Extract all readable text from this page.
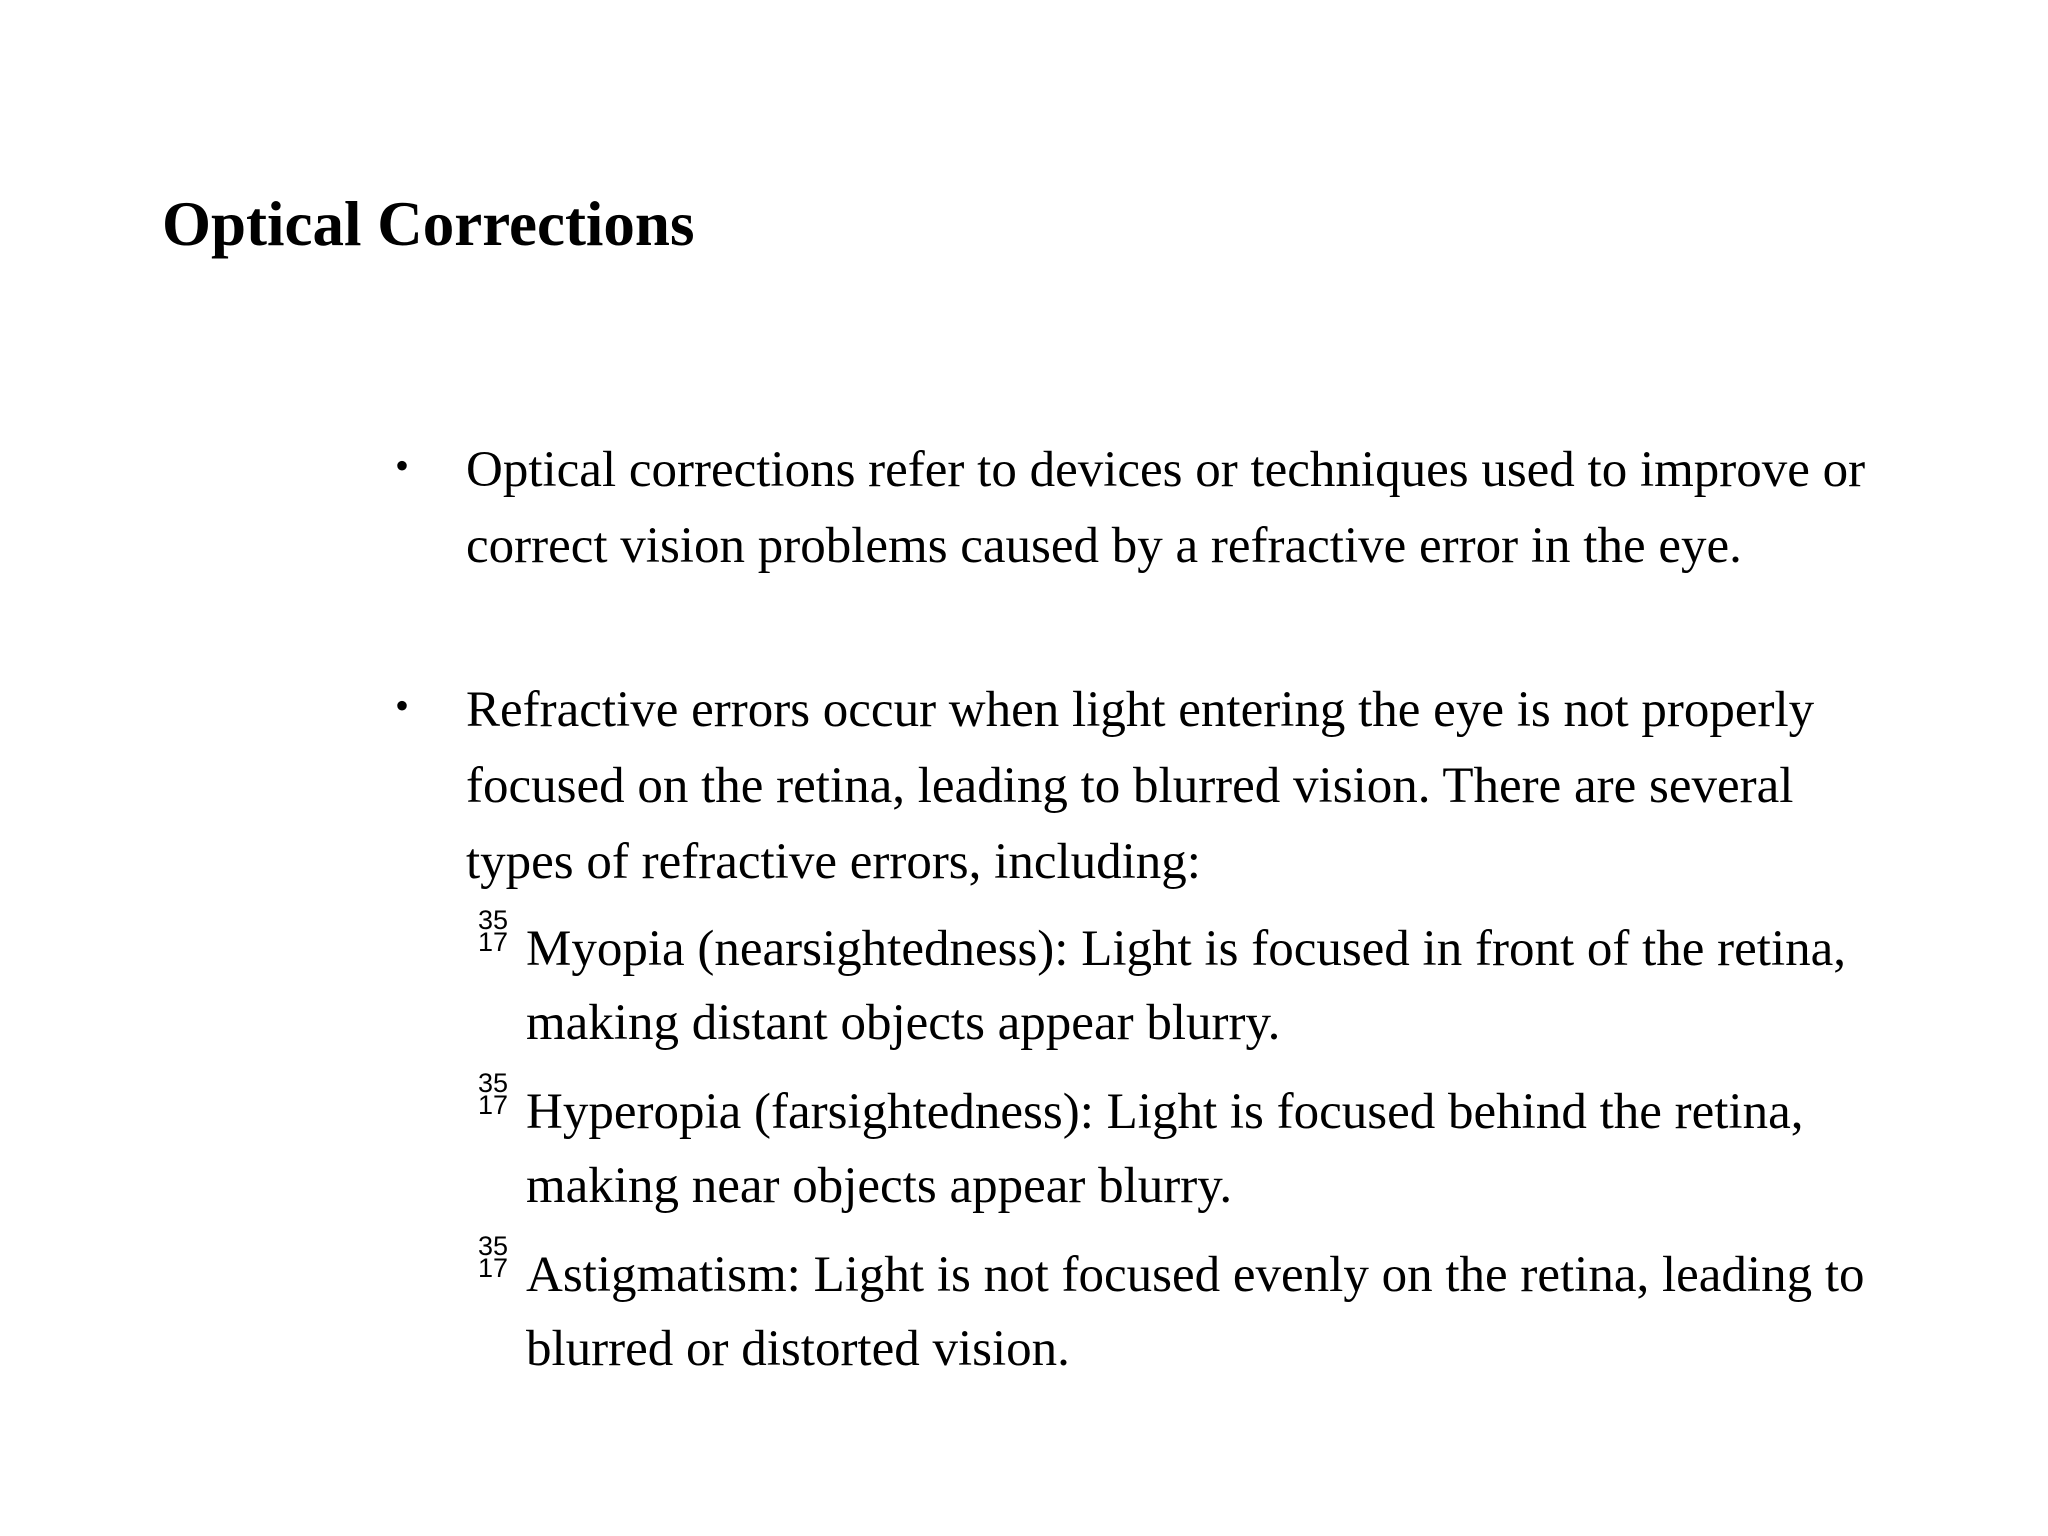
Optical Corrections
• Optical corrections refer to devices or techniques used to improve or correct vision problems caused by a refractive error in the eye.
• Refractive errors occur when light entering the eye is not properly focused on the retina, leading to blurred vision. There are several types of refractive errors, including:
35
17 Myopia (nearsightedness): Light is focused in front of the retina, making distant objects appear blurry.
35
17 Hyperopia (farsightedness): Light is focused behind the retina, making near objects appear blurry.
35
17 Astigmatism: Light is not focused evenly on the retina, leading to blurred or distorted vision.
